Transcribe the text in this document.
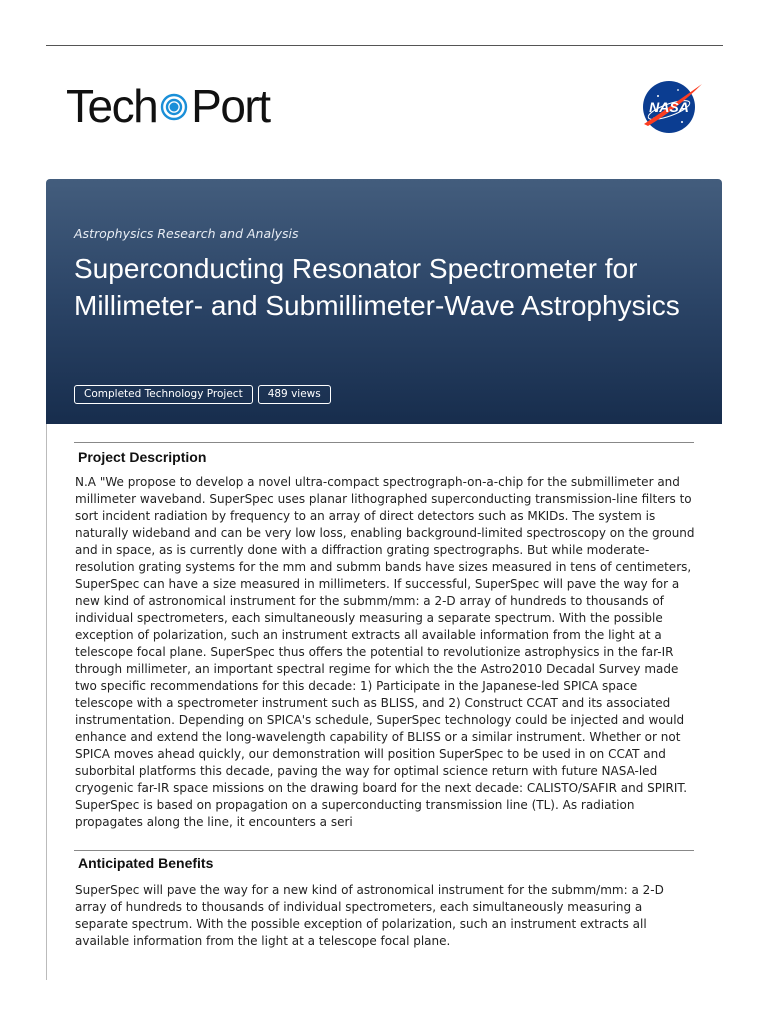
Tech Port	NASA
Astrophysics Research and Analysis
Superconducting Resonator Spectrometer for Millimeter- and Submillimeter-Wave Astrophysics
Completed Technology Project	489 views
Project Description

N.A "We propose to develop a novel ultra-compact spectrograph-on-a-chip for the submillimeter and millimeter waveband. SuperSpec uses planar lithographed superconducting transmission-line filters to sort incident radiation by frequency to an array of direct detectors such as MKIDs. The system is naturally wideband and can be very low loss, enabling background-limited spectroscopy on the ground and in space, as is currently done with a diffraction grating spectrographs. But while moderate-resolution grating systems for the mm and submm bands have sizes measured in tens of centimeters, SuperSpec can have a size measured in millimeters. If successful, SuperSpec will pave the way for a new kind of astronomical instrument for the submm/mm: a 2-D array of hundreds to thousands of individual spectrometers, each simultaneously measuring a separate spectrum. With the possible exception of polarization, such an instrument extracts all available information from the light at a telescope focal plane. SuperSpec thus offers the potential to revolutionize astrophysics in the far-IR through millimeter, an important spectral regime for which the the Astro2010 Decadal Survey made two specific recommendations for this decade: 1) Participate in the Japanese-led SPICA space telescope with a spectrometer instrument such as BLISS, and 2) Construct CCAT and its associated instrumentation. Depending on SPICA's schedule, SuperSpec technology could be injected and would enhance and extend the long-wavelength capability of BLISS or a similar instrument. Whether or not SPICA moves ahead quickly, our demonstration will position SuperSpec to be used in on CCAT and suborbital platforms this decade, paving the way for optimal science return with future NASA-led cryogenic far-IR space missions on the drawing board for the next decade: CALISTO/SAFIR and SPIRIT. SuperSpec is based on propagation on a superconducting transmission line (TL). As radiation propagates along the line, it encounters a seri

Anticipated Benefits

SuperSpec will pave the way for a new kind of astronomical instrument for the submm/mm: a 2-D array of hundreds to thousands of individual spectrometers, each simultaneously measuring a separate spectrum. With the possible exception of polarization, such an instrument extracts all available information from the light at a telescope focal plane.
